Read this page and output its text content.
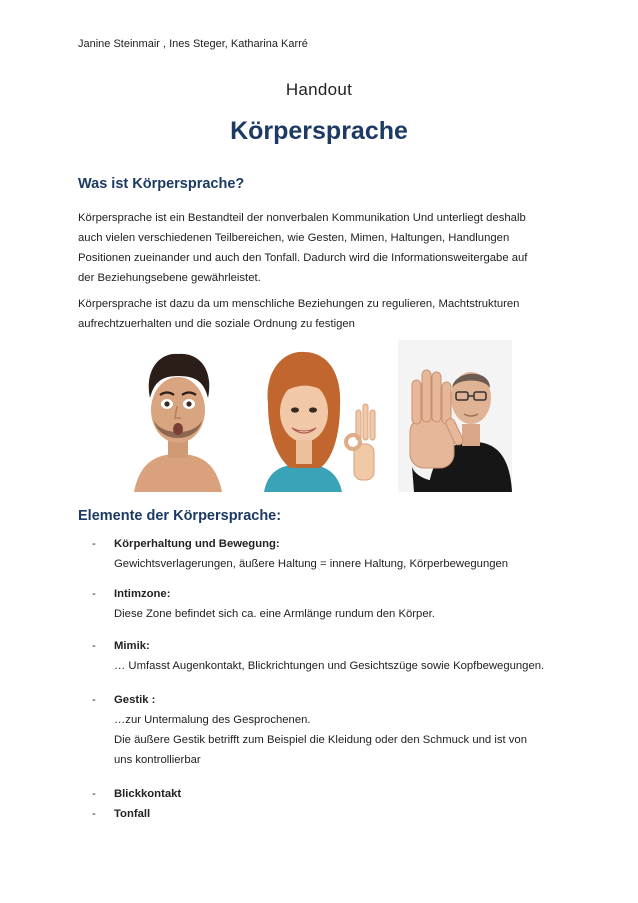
Janine Steinmair , Ines Steger, Katharina Karré
Handout
Körpersprache
Was ist Körpersprache?
Körpersprache ist ein Bestandteil der nonverbalen Kommunikation Und unterliegt deshalb
auch vielen verschiedenen Teilbereichen, wie Gesten, Mimen, Haltungen, Handlungen
Positionen zueinander und auch den Tonfall. Dadurch wird die Informationsweitergabe auf
der Beziehungsebene gewährleistet.
Körpersprache ist dazu da um menschliche Beziehungen zu regulieren, Machtstrukturen
aufrechtzuerhalten und die soziale Ordnung zu festigen
Elemente der Körpersprache:
- Körperhaltung und Bewegung:
Gewichtsverlagerungen, äußere Haltung = innere Haltung, Körperbewegungen
- Intimzone:
Diese Zone befindet sich ca. eine Armlänge rundum den Körper.
- Mimik:
… Umfasst Augenkontakt, Blickrichtungen und Gesichtszüge sowie Kopfbewegungen.
- Gestik :
…zur Untermalung des Gesprochenen.
Die äußere Gestik betrifft zum Beispiel die Kleidung oder den Schmuck und ist von
uns kontrollierbar
- Blickkontakt
- Tonfall
